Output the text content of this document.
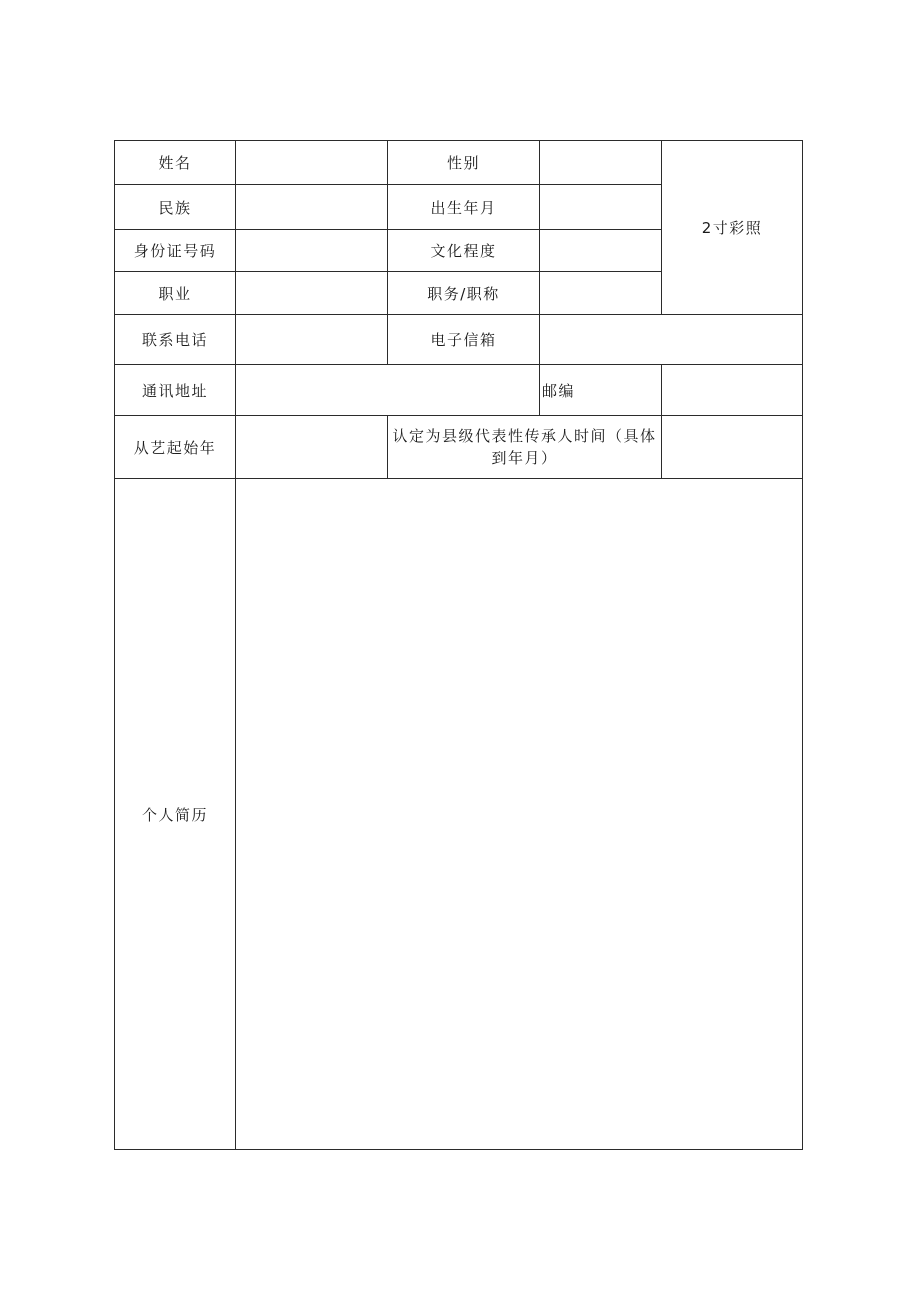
姓名		性别		2寸彩照
民族		出生年月		
身份证号码		文化程度		
职业		职务/职称		
联系电话		电子信箱		
通讯地址			邮编	
从艺起始年		认定为县级代表性传承人时间（具体到年月）		
个人简历				
